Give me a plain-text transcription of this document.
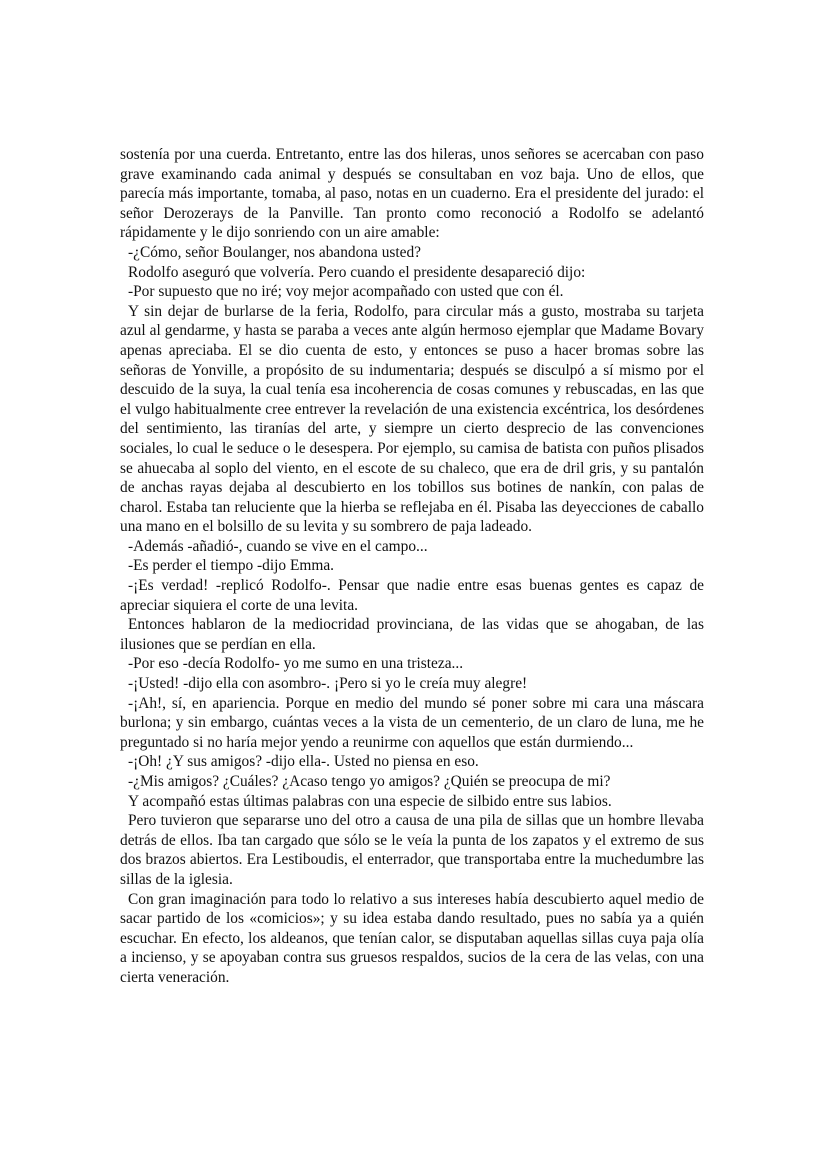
sostenía por una cuerda. Entretanto, entre las dos hileras, unos señores se acercaban con paso grave examinando cada animal y después se consultaban en voz baja. Uno de ellos, que parecía más importante, tomaba, al paso, notas en un cuaderno. Era el presidente del jurado: el señor Derozerays de la Panville. Tan pronto como reconoció a Rodolfo se adelantó rápidamente y le dijo sonriendo con un aire amable:

-¿Cómo, señor Boulanger, nos abandona usted?

Rodolfo aseguró que volvería. Pero cuando el presidente desapareció dijo:

-Por supuesto que no iré; voy mejor acompañado con usted que con él.

Y sin dejar de burlarse de la feria, Rodolfo, para circular más a gusto, mostraba su tarjeta azul al gendarme, y hasta se paraba a veces ante algún hermoso ejemplar que Madame Bovary apenas apreciaba. El se dio cuenta de esto, y entonces se puso a hacer bromas sobre las señoras de Yonville, a propósito de su indumentaria; después se disculpó a sí mismo por el descuido de la suya, la cual tenía esa incoherencia de cosas comunes y rebuscadas, en las que el vulgo habitualmente cree entrever la revelación de una existencia excéntrica, los desórdenes del sentimiento, las tiranías del arte, y siempre un cierto desprecio de las convenciones sociales, lo cual le seduce o le desespera. Por ejemplo, su camisa de batista con puños plisados se ahuecaba al soplo del viento, en el escote de su chaleco, que era de dril gris, y su pantalón de anchas rayas dejaba al descubierto en los tobillos sus botines de nankín, con palas de charol. Estaba tan reluciente que la hierba se reflejaba en él. Pisaba las deyecciones de caballo una mano en el bolsillo de su levita y su sombrero de paja ladeado.

-Además -añadió-, cuando se vive en el campo...

-Es perder el tiempo -dijo Emma.

-¡Es verdad! -replicó Rodolfo-. Pensar que nadie entre esas buenas gentes es capaz de apreciar siquiera el corte de una levita.

Entonces hablaron de la mediocridad provinciana, de las vidas que se ahogaban, de las ilusiones que se perdían en ella.

-Por eso -decía Rodolfo- yo me sumo en una tristeza...

-¡Usted! -dijo ella con asombro-. ¡Pero si yo le creía muy alegre!

-¡Ah!, sí, en apariencia. Porque en medio del mundo sé poner sobre mi cara una máscara burlona; y sin embargo, cuántas veces a la vista de un cementerio, de un claro de luna, me he preguntado si no haría mejor yendo a reunirme con aquellos que están durmiendo...

-¡Oh! ¿Y sus amigos? -dijo ella-. Usted no piensa en eso.

-¿Mis amigos? ¿Cuáles? ¿Acaso tengo yo amigos? ¿Quién se preocupa de mi?

Y acompañó estas últimas palabras con una especie de silbido entre sus labios.

Pero tuvieron que separarse uno del otro a causa de una pila de sillas que un hombre llevaba detrás de ellos. Iba tan cargado que sólo se le veía la punta de los zapatos y el extremo de sus dos brazos abiertos. Era Lestiboudis, el enterrador, que transportaba entre la muchedumbre las sillas de la iglesia.

Con gran imaginación para todo lo relativo a sus intereses había descubierto aquel medio de sacar partido de los «comicios»; y su idea estaba dando resultado, pues no sabía ya a quién escuchar. En efecto, los aldeanos, que tenían calor, se disputaban aquellas sillas cuya paja olía a incienso, y se apoyaban contra sus gruesos respaldos, sucios de la cera de las velas, con una cierta veneración.
